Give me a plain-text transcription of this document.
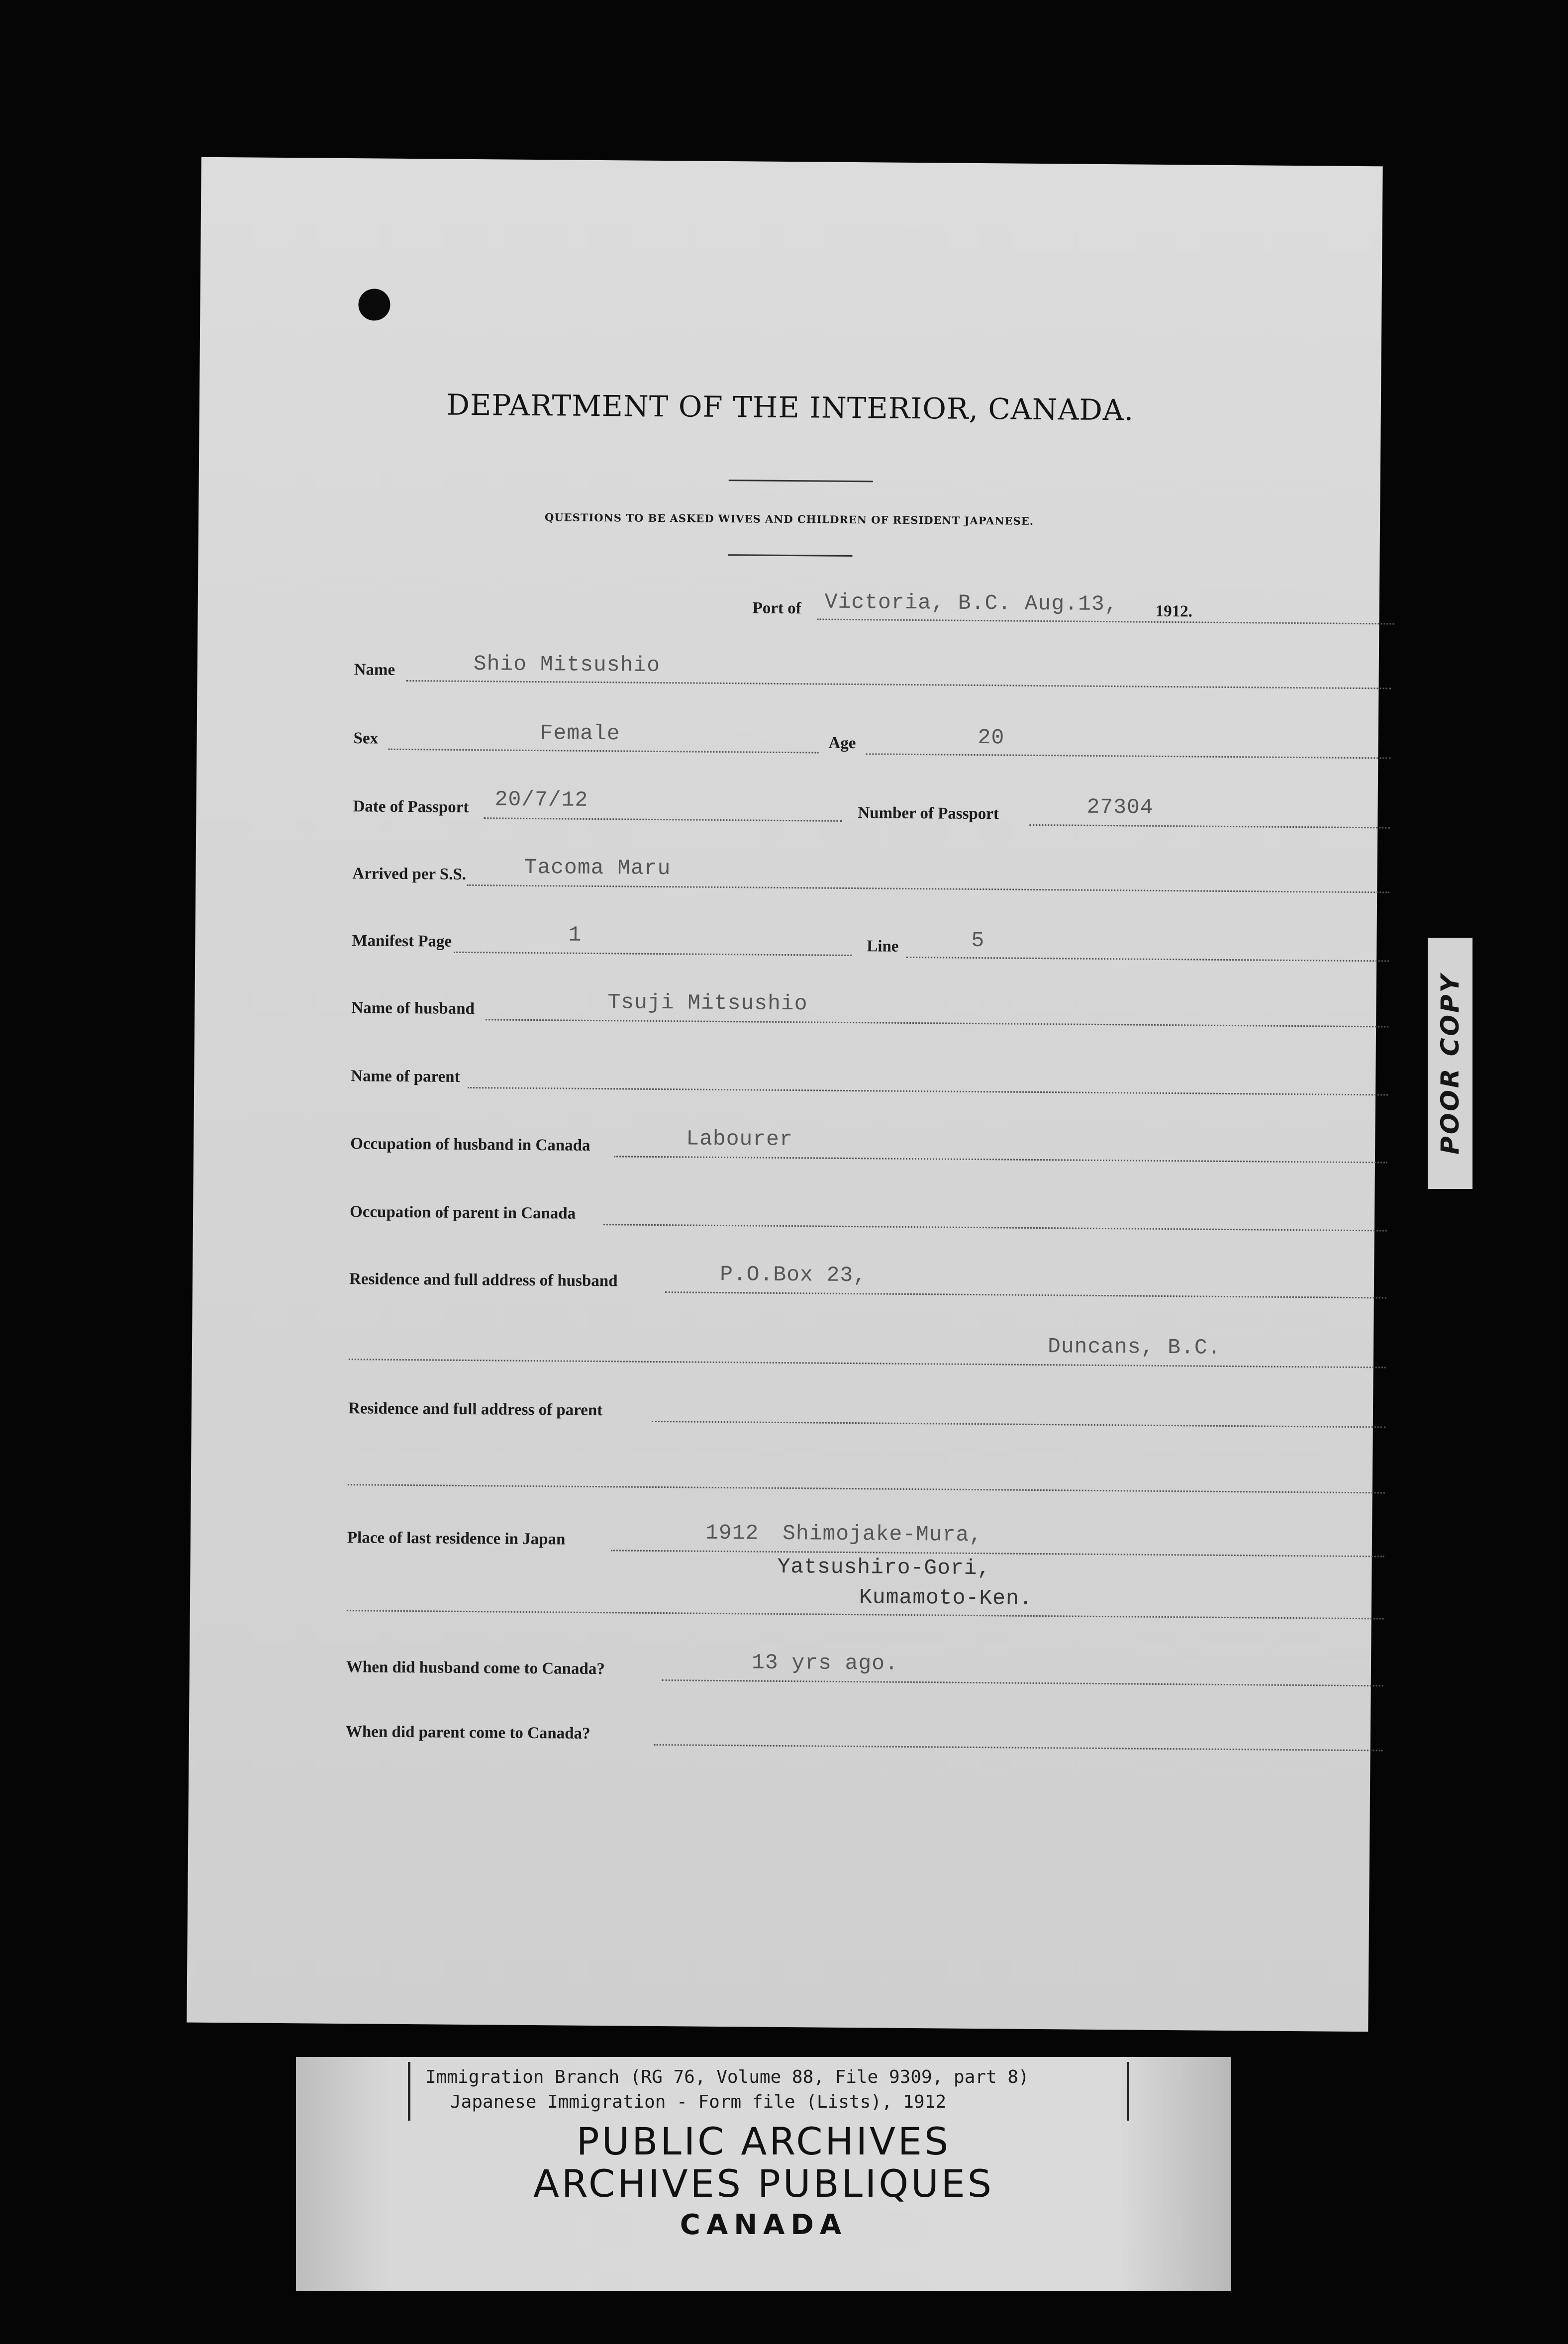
DEPARTMENT OF THE INTERIOR, CANADA.
QUESTIONS TO BE ASKED WIVES AND CHILDREN OF RESIDENT JAPANESE.
Port of Victoria, B.C. Aug.13, 1912.
Name	Shio Mitsushio
Sex	Female	Age	20
Date of Passport 20/7/12
Number of Passport	27304
Arrived per S.S.	Tacoma Maru
Manifest Page	1	Line	5
Name of husband	Tsuji Mitsushio
Name of parent
Occupation of husband in Canada	Labourer
Occupation of parent in Canada
Residence and full address of husband	P.O.Box 23,
Duncans, B.C.
Residence and full address of parent
Place of last residence in Japan	1912 Shimojake-Mura,
Yatsushiro-Gori,
Kumamoto-Ken.
When did husband come to Canada?	13 yrs ago.
When did parent come to Canada?
POOR COPY
Immigration Branch (RG 76, Volume 88, File 9309, part 8)
Japanese Immigration - Form file (Lists), 1912
PUBLIC ARCHIVES
ARCHIVES PUBLIQUES
CANADA
